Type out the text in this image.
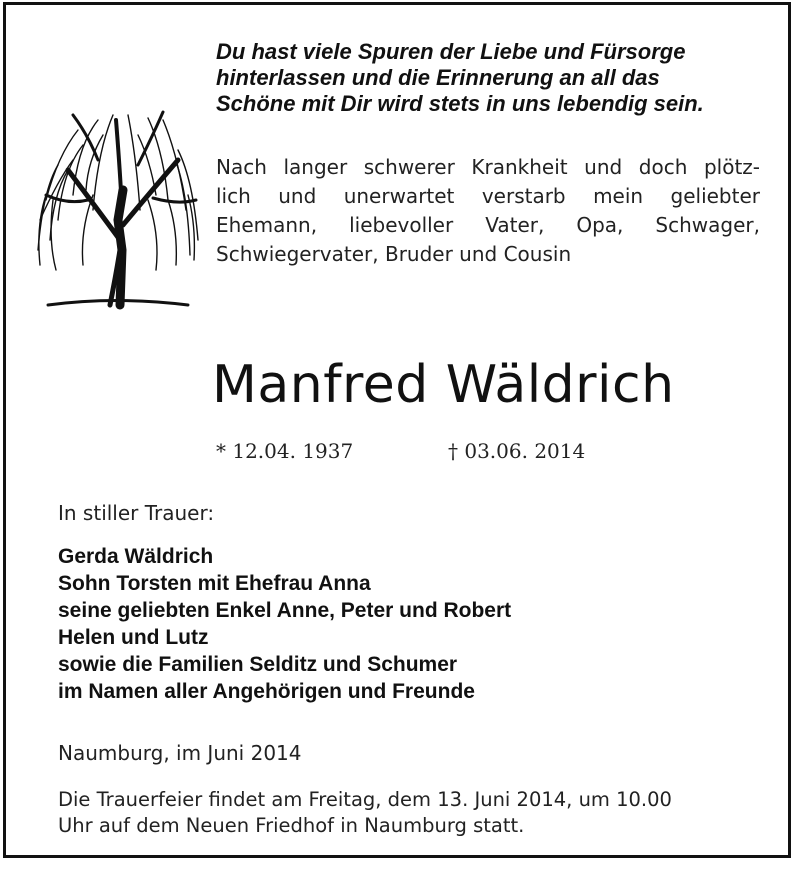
Du hast viele Spuren der Liebe und Fürsorge
hinterlassen und die Erinnerung an all das
Schöne mit Dir wird stets in uns lebendig sein.
Nach langer schwerer Krankheit und doch plötz-
lich und unerwartet verstarb mein geliebter
Ehemann, liebevoller Vater, Opa, Schwager,
Schwiegervater, Bruder und Cousin
Manfred Wäldrich
* 12.04. 1937	† 03.06. 2014
In stiller Trauer:
Gerda Wäldrich
Sohn Torsten mit Ehefrau Anna
seine geliebten Enkel Anne, Peter und Robert
Helen und Lutz
sowie die Familien Selditz und Schumer
im Namen aller Angehörigen und Freunde
Naumburg, im Juni 2014
Die Trauerfeier findet am Freitag, dem 13. Juni 2014, um 10.00
Uhr auf dem Neuen Friedhof in Naumburg statt.
